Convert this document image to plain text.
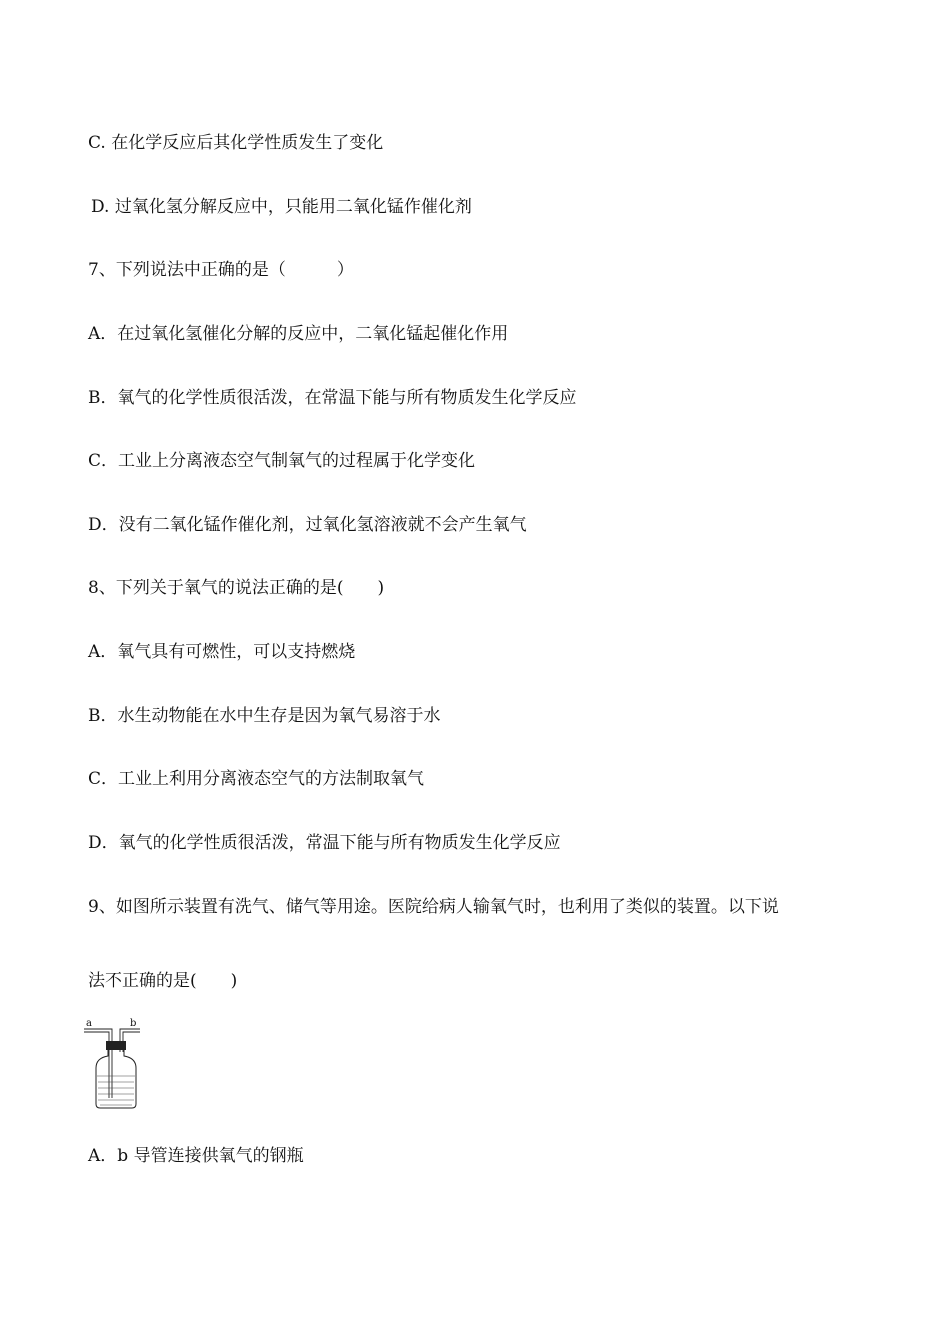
C. 在化学反应后其化学性质发生了变化
D. 过氧化氢分解反应中，只能用二氧化锰作催化剂
7、下列说法中正确的是（　　　）
A．在过氧化氢催化分解的反应中，二氧化锰起催化作用
B．氧气的化学性质很活泼，在常温下能与所有物质发生化学反应
C．工业上分离液态空气制氧气的过程属于化学变化
D．没有二氧化锰作催化剂，过氧化氢溶液就不会产生氧气
8、下列关于氧气的说法正确的是(　　)
A．氧气具有可燃性，可以支持燃烧
B．水生动物能在水中生存是因为氧气易溶于水
C．工业上利用分离液态空气的方法制取氧气
D．氧气的化学性质很活泼，常温下能与所有物质发生化学反应
9、如图所示装置有洗气、储气等用途。医院给病人输氧气时，也利用了类似的装置。以下说
法不正确的是(　　)
a	b
A．b 导管连接供氧气的钢瓶
